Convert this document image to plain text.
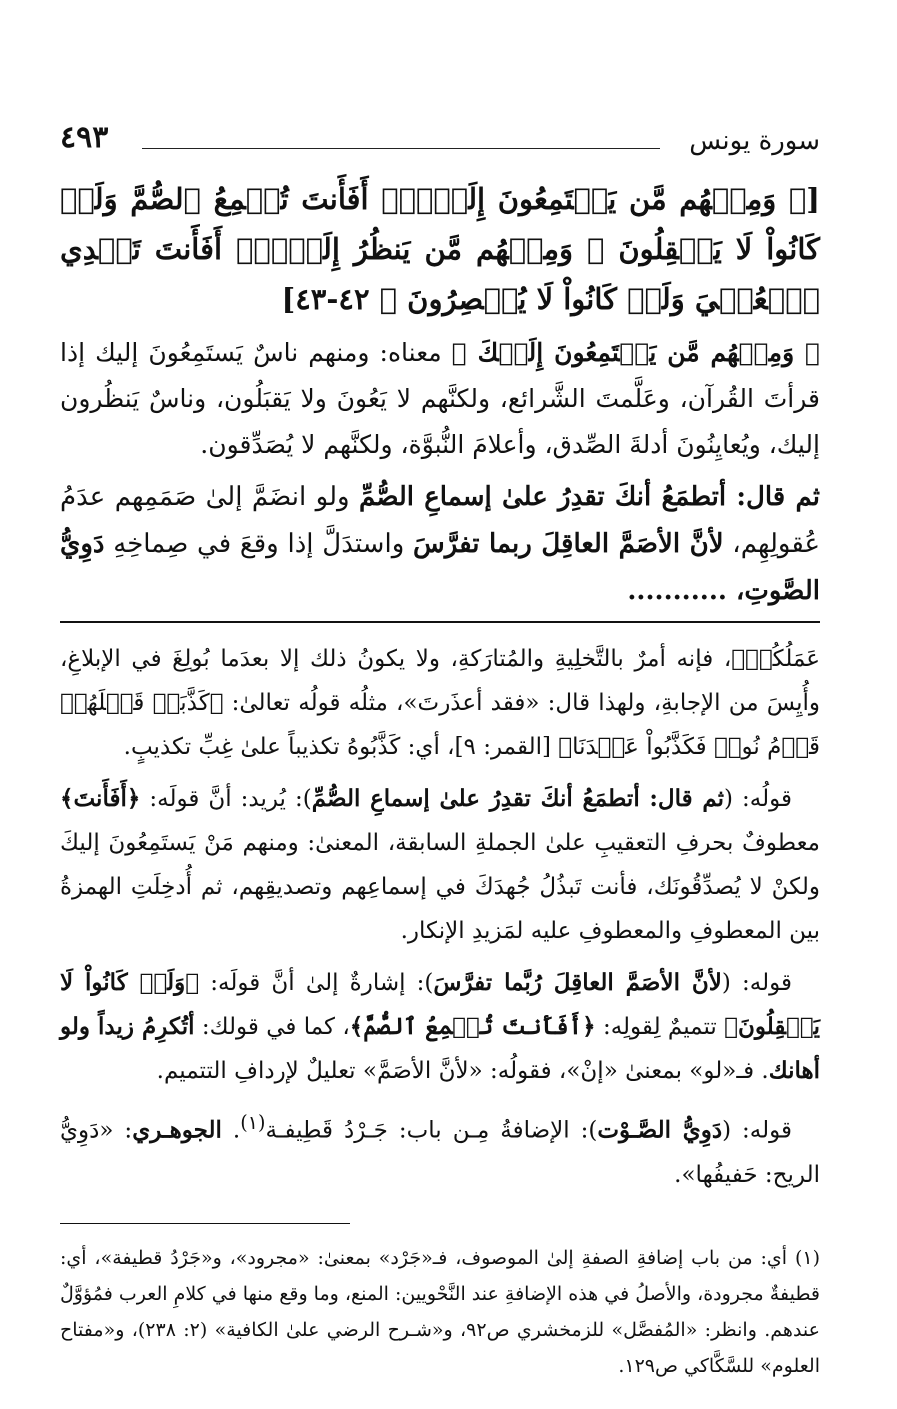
سورة يونس
٤٩٣
[﴿ وَمِنۡهُم مَّن يَسۡتَمِعُونَ إِلَيۡكَۚ أَفَأَنتَ تُسۡمِعُ ٱلصُّمَّ وَلَوۡ كَانُواْ لَا يَعۡقِلُونَ ۞ وَمِنۡهُم مَّن يَنظُرُ إِلَيۡكَۚ أَفَأَنتَ تَهۡدِي ٱلۡعُمۡيَ وَلَوۡ كَانُواْ لَا يُبۡصِرُونَ ﴾ ٤٢-٤٣]
﴿ وَمِنۡهُم مَّن يَسۡتَمِعُونَ إِلَيۡكَ ﴾ معناه: ومنهم ناسٌ يَستَمِعُونَ إليك إذا قرأتَ القُرآن، وعَلَّمتَ الشَّرائع، ولكنَّهم لا يَعُونَ ولا يَقبَلُون، وناسٌ يَنظُرون إليك، ويُعايِنُونَ أدلةَ الصِّدق، وأعلامَ النُّبوَّة، ولكنَّهم لا يُصَدِّقون.
ثم قال: أتطمَعُ أنكَ تقدِرُ علىٰ إسماعِ الصُّمِّ ولو انضَمَّ إلىٰ صَمَمِهم عدَمُ عُقولِهِم، لأنَّ الأصَمَّ العاقِلَ ربما تفرَّسَ واستدَلَّ إذا وقعَ في صِماخِهِ دَوِيُّ الصَّوتِ، ...........

عَمَلُكُمۡ﴾، فإنه أمرٌ بالتَّخلِيةِ والمُتارَكةِ، ولا يكونُ ذلك إلا بعدَما بُولِغَ في الإبلاغِ، وأُيِسَ من الإجابةِ، ولهذا قال: «فقد أعذَرتَ»، مثلُه قولُه تعالىٰ: ﴿كَذَّبَتۡ قَبۡلَهُمۡ قَوۡمُ نُوحٖ فَكَذَّبُواْ عَبۡدَنَا﴾ [القمر: ٩]، أي: كَذَّبُوهُ تكذيباً علىٰ غِبِّ تكذيبٍ.

قولُه: (ثم قال: أتطمَعُ أنكَ تقدِرُ علىٰ إسماعِ الصُّمِّ): يُريد: أنَّ قولَه: ﴿أَفَأَنتَ﴾ معطوفٌ بحرفِ التعقيبِ علىٰ الجملةِ السابقة، المعنىٰ: ومنهم مَنْ يَستَمِعُونَ إليكَ ولكنْ لا يُصدِّقُونَك، فأنت تَبذُلُ جُهدَكَ في إسماعِهم وتصديقِهم، ثم أُدخِلَتِ الهمزةُ بين المعطوفِ والمعطوفِ عليه لمَزيدِ الإنكار.

قوله: (لأنَّ الأصَمَّ العاقِلَ رُبَّما تفرَّسَ): إشارةٌ إلىٰ أنَّ قولَه: ﴿وَلَوۡ كَانُواْ لَا يَعۡقِلُونَ﴾ تتميمٌ لِقولِه: ﴿أَفَأَنتَ تُسۡمِعُ ٱلصُّمَّ﴾، كما في قولك: أتُكرِمُ زيداً ولو أهانك. فـ«لو» بمعنىٰ «إنْ»، فقولُه: «لأنَّ الأصَمَّ» تعليلٌ لإردافِ التتميم.

قوله: (دَوِيُّ الصَّـوْت): الإضافةُ مِـن باب: جَـرْدُ قَطِيفـة$^{(١)}$. الجوهـري: «دَوِيُّ الريح: حَفيفُها».

(١) أي: من باب إضافةِ الصفةِ إلىٰ الموصوف، فـ«جَرْد» بمعنىٰ: «مجرود»، و«جَرْدُ قطيفة»، أي: قطيفةٌ مجرودة، والأصلُ في هذه الإضافةِ عند النَّحْويين: المنع، وما وقع منها في كلامِ العرب فمُؤوَّلٌ عندهم. وانظر: «المُفصَّل» للزمخشري ص٩٢، و«شـرح الرضي علىٰ الكافية» (٢: ٢٣٨)، و«مفتاح العلوم» للسَّكَّاكي ص١٢٩.
